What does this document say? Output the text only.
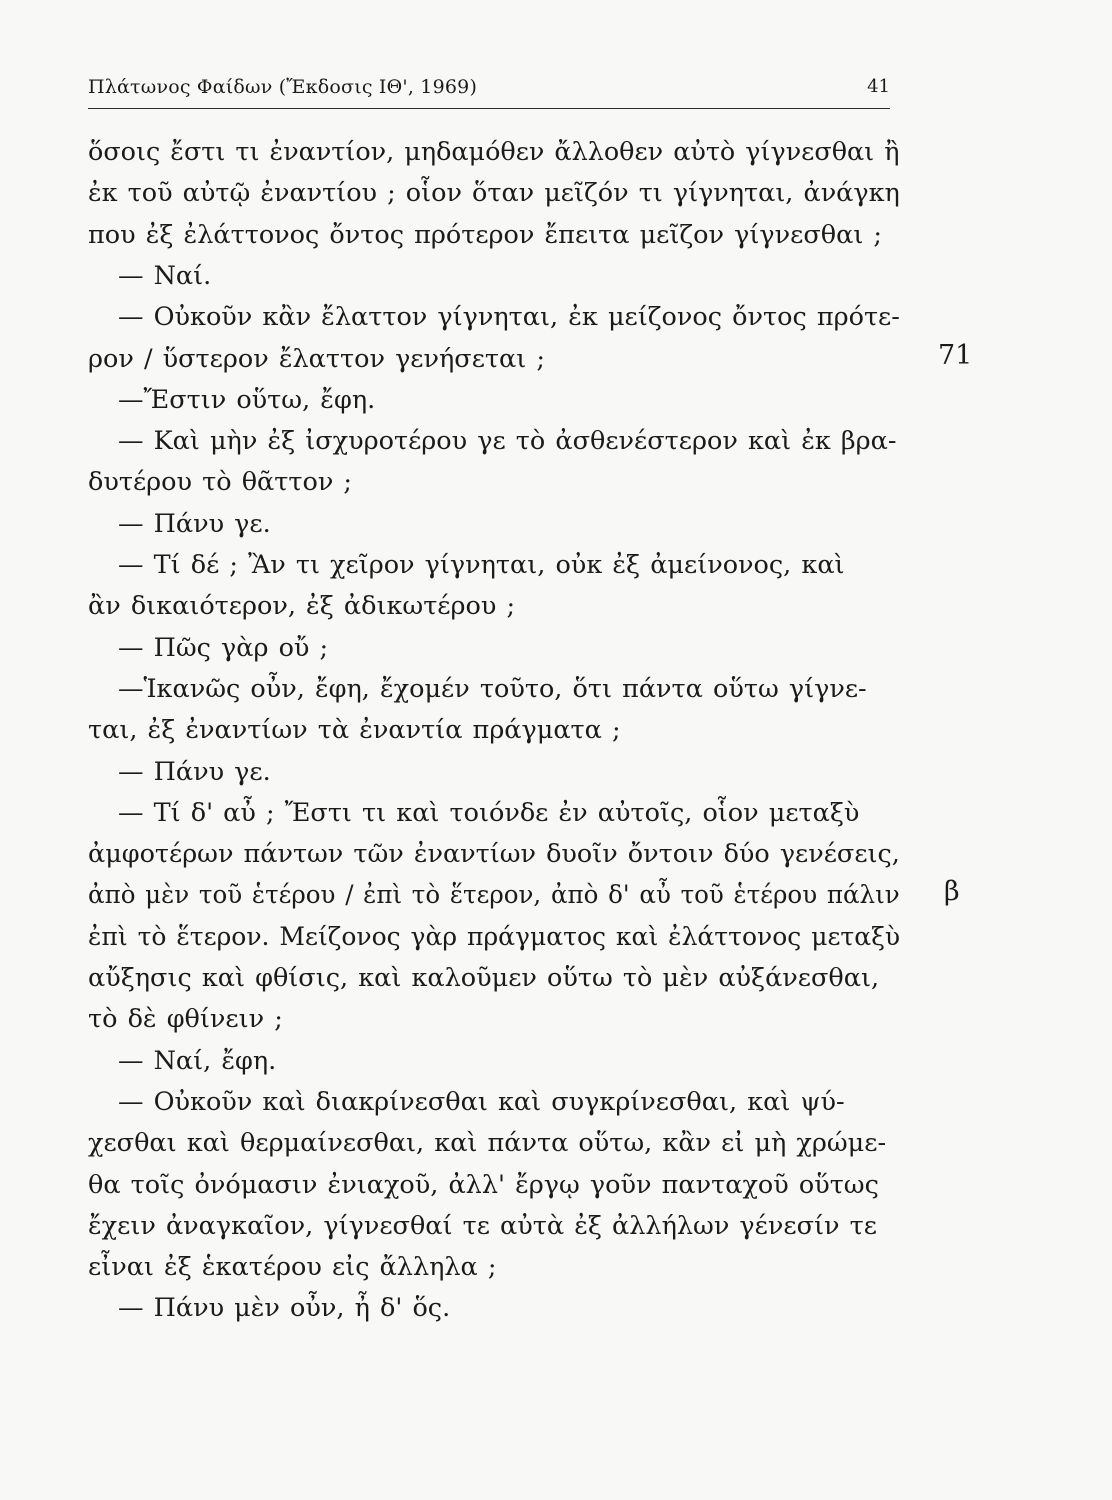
Πλάτωνος Φαίδων (Ἔκδοσις ΙΘ', 1969)	41
ὅσοις ἔστι τι ἐναντίον, μηδαμόθεν ἄλλοθεν αὐτὸ γίγνεσθαι ἢ
ἐκ τοῦ αὐτῷ ἐναντίου ; οἷον ὅταν μεῖζόν τι γίγνηται, ἀνάγκη
που ἐξ ἐλάττονος ὄντος πρότερον ἔπειτα μεῖζον γίγνεσθαι ;
— Ναί.
— Οὐκοῦν κἂν ἔλαττον γίγνηται, ἐκ μείζονος ὄντος πρότε-
ρον / ὕστερον ἔλαττον γενήσεται ;
—Ἔστιν οὕτω, ἔφη.
— Καὶ μὴν ἐξ ἰσχυροτέρου γε τὸ ἀσθενέστερον καὶ ἐκ βρα-
δυτέρου τὸ θᾶττον ;
— Πάνυ γε.
— Τί δέ ; Ἂν τι χεῖρον γίγνηται, οὐκ ἐξ ἀμείνονος, καὶ
ἂν δικαιότερον, ἐξ ἀδικωτέρου ;
— Πῶς γὰρ οὔ ;
—Ἱκανῶς οὖν, ἔφη, ἔχομέν τοῦτο, ὅτι πάντα οὕτω γίγνε-
ται, ἐξ ἐναντίων τὰ ἐναντία πράγματα ;
— Πάνυ γε.
— Τί δ' αὖ ; Ἔστι τι καὶ τοιόνδε ἐν αὐτοῖς, οἷον μεταξὺ
ἀμφοτέρων πάντων τῶν ἐναντίων δυοῖν ὄντοιν δύο γενέσεις,
ἀπὸ μὲν τοῦ ἑτέρου / ἐπὶ τὸ ἕτερον, ἀπὸ δ' αὖ τοῦ ἑτέρου πάλιν
ἐπὶ τὸ ἕτερον. Μείζονος γὰρ πράγματος καὶ ἐλάττονος μεταξὺ
αὔξησις καὶ φθίσις, καὶ καλοῦμεν οὕτω τὸ μὲν αὐξάνεσθαι,
τὸ δὲ φθίνειν ;
— Ναί, ἔφη.
— Οὐκοῦν καὶ διακρίνεσθαι καὶ συγκρίνεσθαι, καὶ ψύ-
χεσθαι καὶ θερμαίνεσθαι, καὶ πάντα οὕτω, κἂν εἰ μὴ χρώμε-
θα τοῖς ὀνόμασιν ἐνιαχοῦ, ἀλλ' ἔργῳ γοῦν πανταχοῦ οὕτως
ἔχειν ἀναγκαῖον, γίγνεσθαί τε αὐτὰ ἐξ ἀλλήλων γένεσίν τε
εἶναι ἐξ ἑκατέρου εἰς ἄλληλα ;
— Πάνυ μὲν οὖν, ἦ δ' ὅς.
71
β
